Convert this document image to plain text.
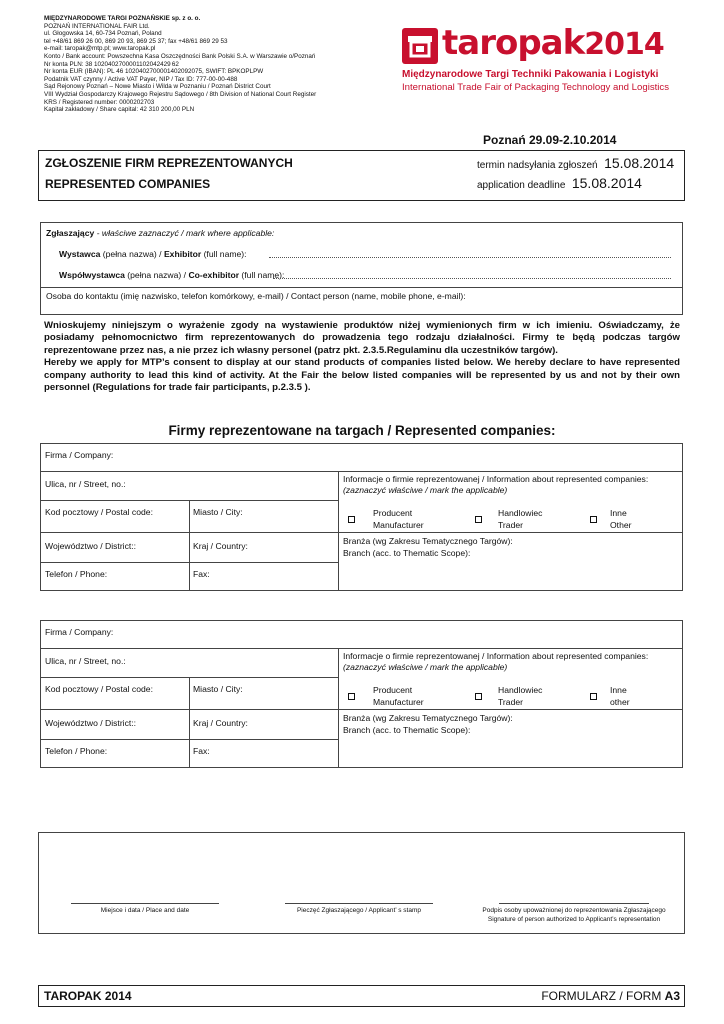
MIĘDZYNARODOWE TARGI POZNAŃSKIE sp. z o. o.
POZNAŃ INTERNATIONAL FAIR Ltd.
ul. Głogowska 14, 60-734 Poznań, Poland
tel +48/61 869 26 00, 869 20 93, 869 25 37; fax +48/61 869 29 53
e-mail: taropak@mtp.pl; www.taropak.pl
Konto / Bank account: Powszechna Kasa Oszczędności Bank Polski S.A. w Warszawie o/Poznań
Nr konta PLN: 38 1020402700001102042429 62
Nr konta EUR (IBAN): PL 46 1020402700001402092075, SWIFT: BPKOPLPW
Podatnik VAT czynny / Active VAT Payer, NIP / Tax ID: 777-00-00-488
Sąd Rejonowy Poznań – Nowe Miasto i Wilda w Poznaniu / Poznań District Court
VIII Wydział Gospodarczy Krajowego Rejestru Sądowego / 8th Division of National Court Register
KRS / Registered number: 0000202703
Kapitał zakładowy / Share capital: 42 310 200,00 PLN
taropak2014
Międzynarodowe Targi Techniki Pakowania i Logistyki
International Trade Fair of Packaging Technology and Logistics
Poznań 29.09-2.10.2014
ZGŁOSZENIE FIRM REPREZENTOWANYCH
REPRESENTED COMPANIES
termin nadsyłania zgłoszeń 15.08.2014
application deadline 15.08.2014
Zgłaszający - właściwe zaznaczyć / mark where applicable:
Wystawca (pełna nazwa) / Exhibitor (full name):
Współwystawca (pełna nazwa) / Co-exhibitor (full name):
Osoba do kontaktu (imię nazwisko, telefon komórkowy, e-mail) / Contact person (name, mobile phone, e-mail):
Wnioskujemy niniejszym o wyrażenie zgody na wystawienie produktów niżej wymienionych firm w ich imieniu. Oświadczamy, że posiadamy pełnomocnictwo firm reprezentowanych do prowadzenia tego rodzaju działalności. Firmy te będą podczas targów reprezentowane przez nas, a nie przez ich własny personel (patrz pkt. 2.3.5.Regulaminu dla uczestników targów).
Hereby we apply for MTP’s consent to display at our stand products of companies listed below. We hereby declare to have represented company authority to lead this kind of activity. At the Fair the below listed companies will be represented by us and not by their own personnel (Regulations for trade fair participants, p.2.3.5 ).
Firmy reprezentowane na targach / Represented companies:
Firma / Company:
Ulica, nr / Street, no.:	Informacje o firmie reprezentowanej / Information about represented companies:
(zaznaczyć właściwe / mark the applicable)
Kod pocztowy / Postal code:	Miasto / City:	Producent
Manufacturer
Handlowiec
Trader
Inne
Other
Województwo / District::	Kraj / Country:	Branża (wg Zakresu Tematycznego Targów):
Branch (acc. to Thematic Scope):
Telefon / Phone:	Fax:
Firma / Company:
Ulica, nr / Street, no.:	Informacje o firmie reprezentowanej / Information about represented companies:
(zaznaczyć właściwe / mark the applicable)
Kod pocztowy / Postal code:	Miasto / City:	Producent
Manufacturer
Handlowiec
Trader
Inne
other
Województwo / District::	Kraj / Country:	Branża (wg Zakresu Tematycznego Targów):
Branch (acc. to Thematic Scope):
Telefon / Phone:	Fax:
Miejsce i data / Place and date	Pieczęć Zgłaszającego / Applicant’ s stamp	Podpis osoby upoważnionej do reprezentowania Zgłaszającego
Signature of person authorized to Applicant’s representation
TAROPAK 2014	FORMULARZ / FORM A3
